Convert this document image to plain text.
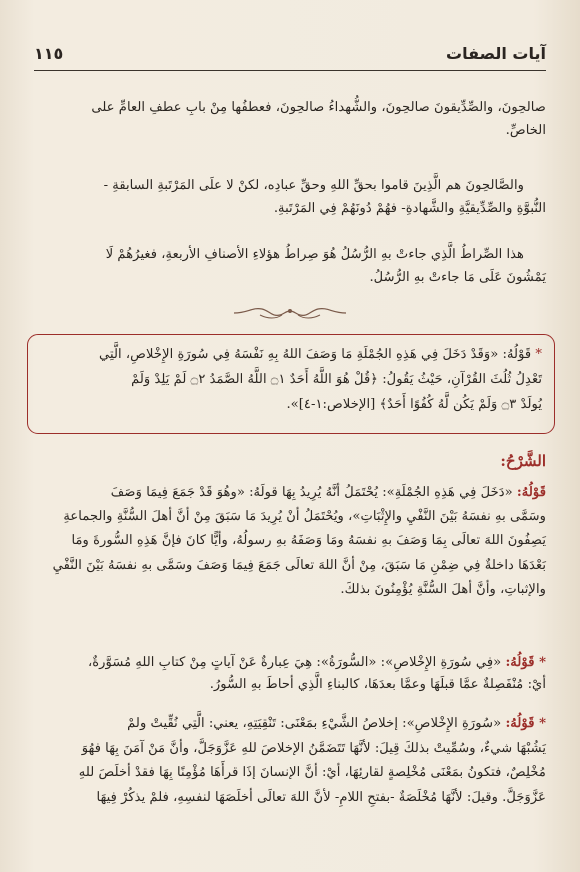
آيات الصفات
١١٥

صالحِونَ، والصِّدِّيقونَ صالحِونَ، والشُّهداءُ صالحِونَ، فعطفُها مِنْ بابِ عطفِ العامِّ على

الخاصِّ.

والصَّالحِونَ هم الَّذِينَ قاموا بحقِّ اللهِ وحقِّ عبادِه، لكنْ لا علَى المَرْتَبةِ السابقةِ -

النُّبوَّةِ والصِّدِّيقيَّةِ والشَّهادةِ- فهُمْ دُونَهُمْ فِي المَرْتَبةِ.

هذا الصِّراطُ الَّذِي جاءتْ بهِ الرُّسُلُ هُوَ صِراطُ هؤلاءِ الأصنافِ الأربعةِ، فغيرُهُمْ لَا

يَمْشُونَ عَلَى مَا جاءتْ بهِ الرُّسُلُ.

* قَوْلُهُ: «وَقَدْ دَخَلَ فِي هَذِهِ الجُمْلَةِ مَا وَصَفَ اللهُ بِهِ نَفْسَهُ فِي سُورَةِ الإِخْلاصِ، الَّتِي

تَعْدِلُ ثُلُثَ القُرْآنِ، حَيْثُ يَقُولُ: ﴿قُلْ هُوَ اللَّهُ أَحَدٌ ۝١ اللَّهُ الصَّمَدُ ۝٢ لَمْ يَلِدْ وَلَمْ

يُولَدْ ۝٣ وَلَمْ يَكُن لَّهُ كُفُوًا أَحَدٌ﴾ [الإخلاص:١-٤]».

الشَّرْحُ:

قَوْلُهُ: «دَخَلَ فِي هَذِهِ الجُمْلَةِ»: يُحْتَمَلُ أنَّهُ يُرِيدُ بِهَا قولَهُ: «وهُوَ قَدْ جَمَعَ فِيمَا وَصَفَ

وسَمَّى بهِ نفسَهُ بَيْنَ النَّفْيِ والإِثْبَاتِ»، ويُحْتَمَلُ أنْ يُرِيدَ مَا سَبَقَ مِنْ أنَّ أهلَ السُّنَّةِ والجماعةِ

يَصِفُونَ اللهَ تعالَى بِمَا وَصَفَ بهِ نفسَهُ ومَا وَصَفَهُ بهِ رسولُهُ، وأيًّا كانَ فإنَّ هَذِهِ السُّورةَ ومَا

بَعْدَهَا داخلةٌ فِي ضِمْنِ مَا سَبَقَ، مِنْ أنَّ اللهَ تعالَى جَمَعَ فِيمَا وَصَفَ وسَمَّى بهِ نفسَهُ بَيْنَ النَّفْيِ

والإثباتِ، وأنَّ أهلَ السُّنَّةِ يُؤْمِنُونَ بذلكَ.

* قَوْلُهُ: «فِي سُورَةِ الإِخْلاصِ»: «السُّورَةُ»: هِيَ عِبارةٌ عَنْ آياتٍ مِنْ كتابِ اللهِ مُسَوَّرةٌ،

أيْ: مُنْفَصِلةٌ عمَّا قبلَهَا وعمَّا بعدَهَا، كالبناءِ الَّذِي أحاطَ بهِ السُّورُ.

* قَوْلُهُ: «سُورَةِ الإِخْلاصِ»: إخلاصُ الشَّيْءِ بمَعْنَى: تَنْقِيَتِهِ، يعني: الَّتِي نُقِّيتْ ولمْ

يَشُبْهَا شيءٌ، وسُمِّيتْ بذلكَ قِيلَ: لأنَّهَا تَتَضَمَّنُ الإخلاصَ للهِ عَزَّوَجَلَّ، وأنَّ مَنْ آمَنَ بِهَا فهُوَ

مُخْلِصٌ، فتكونُ بمَعْنَى مُخْلِصةٍ لقارئِهَا، أيْ: أنَّ الإنسانَ إذَا قرأَهَا مُؤْمِنًا بِهَا فقدْ أخلَصَ للهِ

عَزَّوَجَلَّ. وقيلَ: لأنَّهَا مُخْلَصَةٌ -بفتحِ اللامِ- لأنَّ اللهَ تعالَى أخلَصَهَا لنفسِهِ، فلمْ يذكُرْ فِيهَا
